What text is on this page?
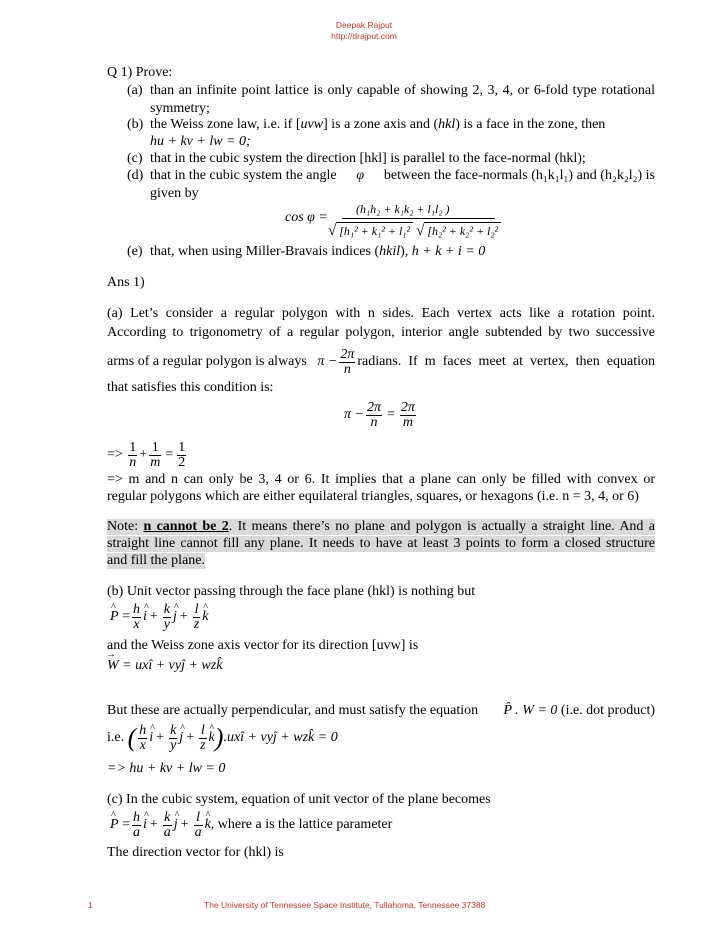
Deepak Rajput
http://drajput.com
Q 1) Prove:
(a) than an infinite point lattice is only capable of showing 2, 3, 4, or 6-fold type rotational
symmetry;
(b) the Weiss zone law, i.e. if [uvw] is a zone axis and (hkl) is a face in the zone, then
hu + kv + lw = 0;
(c) that in the cubic system the direction [hkl] is parallel to the face-normal (hkl);
(d) that in the cubic system the angle φ between the face-normals (h₁k₁l₁) and (h₂k₂l₂) is
given by
cos φ =
(h₁h₂ + k₁k₂ + l₁l₂ )
√ [h₁² + k₁² + l₁² √ [h₂² + k₂² + l₂²
(e) that, when using Miller-Bravais indices (hkil), h + k + i = 0
Ans 1)
(a) Let’s consider a regular polygon with n sides. Each vertex acts like a rotation point.
According to trigonometry of a regular polygon, interior angle subtended by two successive
arms of a regular polygon is always
$\pi - \frac{2\pi}{n}$ radians. If m faces meet at vertex, then equation
that satisfies this condition is:
$\pi - \frac{2\pi}{n} = \frac{2\pi}{m}$
=>
$\frac{1}{n} + \frac{1}{m} = \frac{1}{2}$
=> m and n can only be 3, 4 or 6. It implies that a plane can only be filled with convex or
regular polygons which are either equilateral triangles, squares, or hexagons (i.e. n = 3, 4, or 6)
Note: n cannot be 2. It means there’s no plane and polygon is actually a straight line. And a
straight line cannot fill any plane. It needs to have at least 3 points to form a closed structure
and fill the plane.
(b) Unit vector passing through the face plane (hkl) is nothing but
^ P
= $\frac{h}{x}$ ^ $i + \frac{k}{y}$ ^ $j + \frac{l}{z}$ ^ k
and the Weiss zone axis vector for its direction [uvw] is
→ W = uxî + vyĵ + wzk̂
But these are actually perpendicular, and must satisfy the equation P̂ . W = 0
(i.e. dot product)
i.e.
( $\frac{h}{x}$ ^ $i + \frac{k}{y}$ ^ $j + \frac{l}{z}$ ^ k ) .uxî + vyĵ + wzk̂ = 0
=> hu + kv + lw = 0
(c) In the cubic system, equation of unit vector of the plane becomes
^ P
= $\frac{h}{a}$ ^ $i + \frac{k}{a}$ ^ $j + \frac{l}{a}$ ^ k , where a is the lattice parameter
The direction vector for (hkl) is
1	The University of Tennessee Space Institute, Tullahoma, Tennessee 37388
